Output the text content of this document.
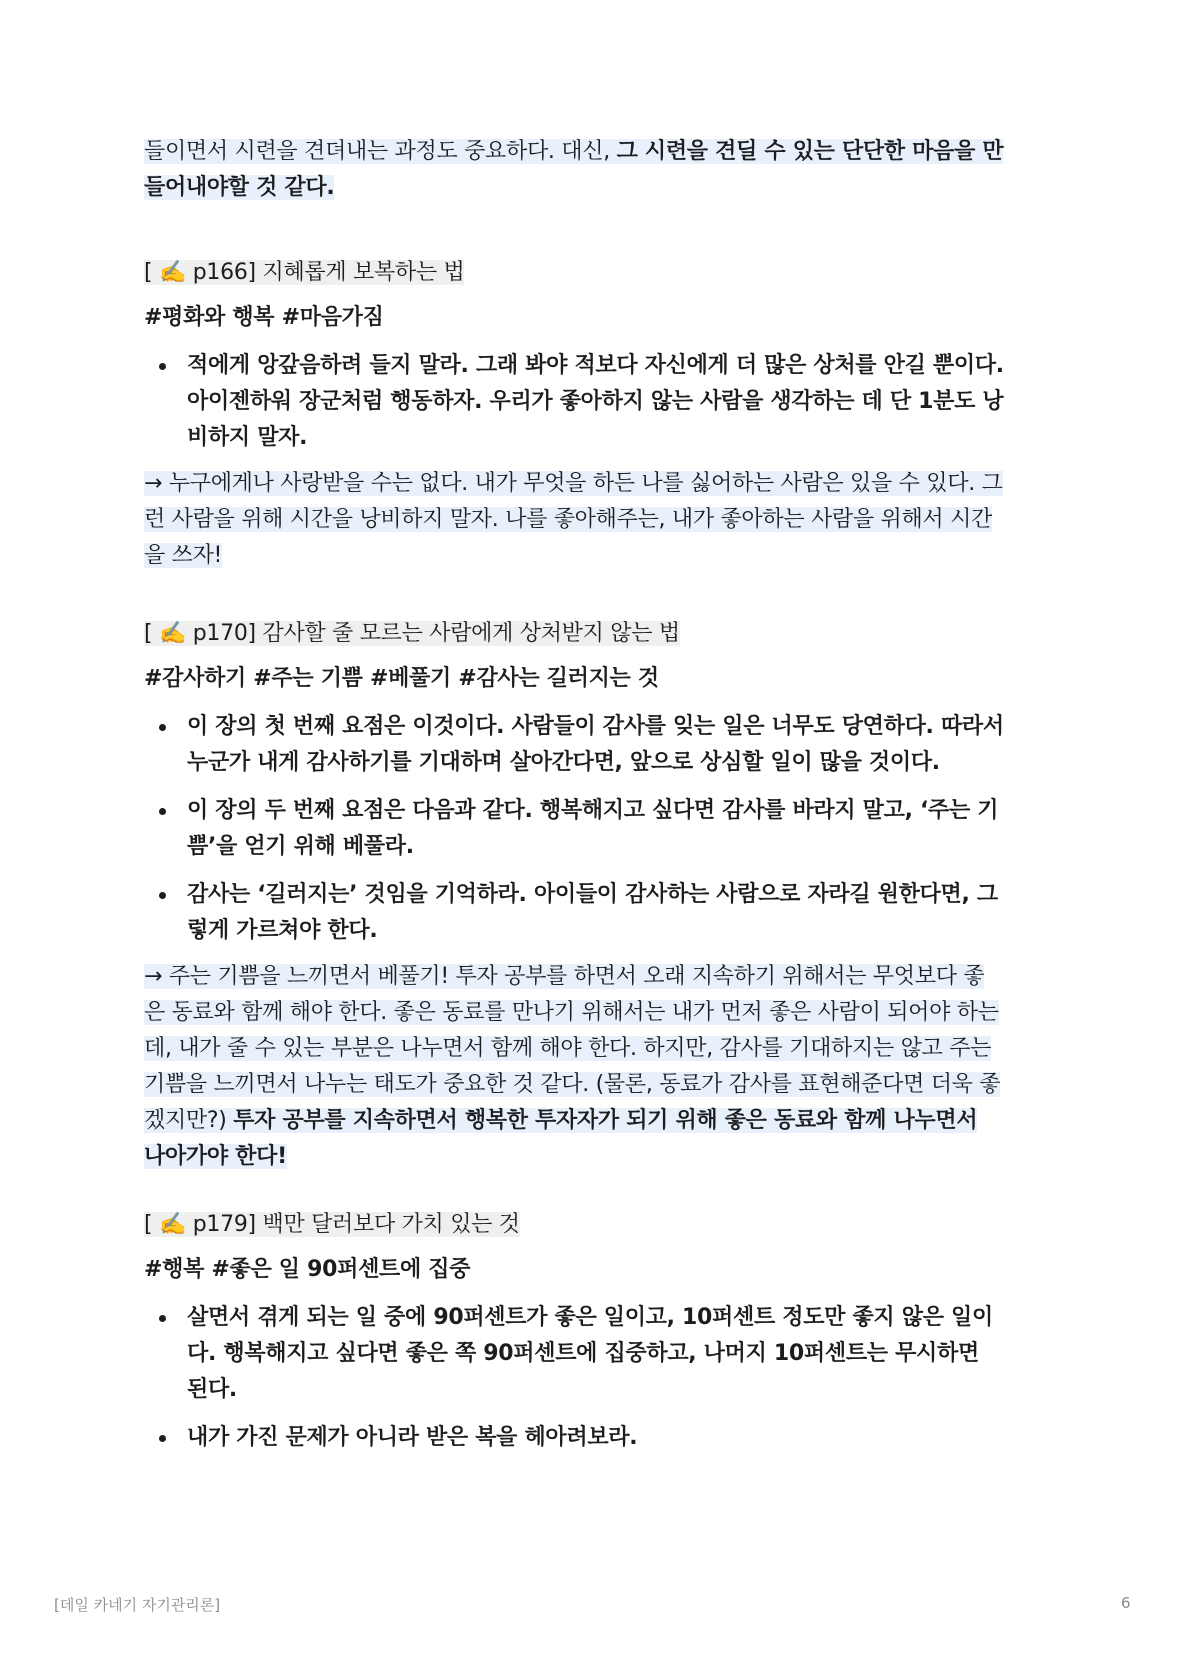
들이면서 시련을 견뎌내는 과정도 중요하다. 대신, 그 시련을 견딜 수 있는 단단한 마음을 만들어내야할 것 같다.

[ ✍️ p166] 지혜롭게 보복하는 법

#평화와 행복 #마음가짐

적에게 앙갚음하려 들지 말라. 그래 봐야 적보다 자신에게 더 많은 상처를 안길 뿐이다. 아이젠하워 장군처럼 행동하자. 우리가 좋아하지 않는 사람을 생각하는 데 단 1분도 낭비하지 말자.

→ 누구에게나 사랑받을 수는 없다. 내가 무엇을 하든 나를 싫어하는 사람은 있을 수 있다. 그런 사람을 위해 시간을 낭비하지 말자. 나를 좋아해주는, 내가 좋아하는 사람을 위해서 시간을 쓰자!

[ ✍️ p170] 감사할 줄 모르는 사람에게 상처받지 않는 법

#감사하기 #주는 기쁨 #베풀기 #감사는 길러지는 것

이 장의 첫 번째 요점은 이것이다. 사람들이 감사를 잊는 일은 너무도 당연하다. 따라서 누군가 내게 감사하기를 기대하며 살아간다면, 앞으로 상심할 일이 많을 것이다.
이 장의 두 번째 요점은 다음과 같다. 행복해지고 싶다면 감사를 바라지 말고, ‘주는 기쁨’을 얻기 위해 베풀라.
감사는 ‘길러지는’ 것임을 기억하라. 아이들이 감사하는 사람으로 자라길 원한다면, 그렇게 가르쳐야 한다.

→ 주는 기쁨을 느끼면서 베풀기! 투자 공부를 하면서 오래 지속하기 위해서는 무엇보다 좋은 동료와 함께 해야 한다. 좋은 동료를 만나기 위해서는 내가 먼저 좋은 사람이 되어야 하는데, 내가 줄 수 있는 부분은 나누면서 함께 해야 한다. 하지만, 감사를 기대하지는 않고 주는 기쁨을 느끼면서 나누는 태도가 중요한 것 같다. (물론, 동료가 감사를 표현해준다면 더욱 좋겠지만?) 투자 공부를 지속하면서 행복한 투자자가 되기 위해 좋은 동료와 함께 나누면서 나아가야 한다!

[ ✍️ p179] 백만 달러보다 가치 있는 것

#행복 #좋은 일 90퍼센트에 집중

살면서 겪게 되는 일 중에 90퍼센트가 좋은 일이고, 10퍼센트 정도만 좋지 않은 일이다. 행복해지고 싶다면 좋은 쪽 90퍼센트에 집중하고, 나머지 10퍼센트는 무시하면 된다.
내가 가진 문제가 아니라 받은 복을 헤아려보라.
[데일 카네기 자기관리론]	6
